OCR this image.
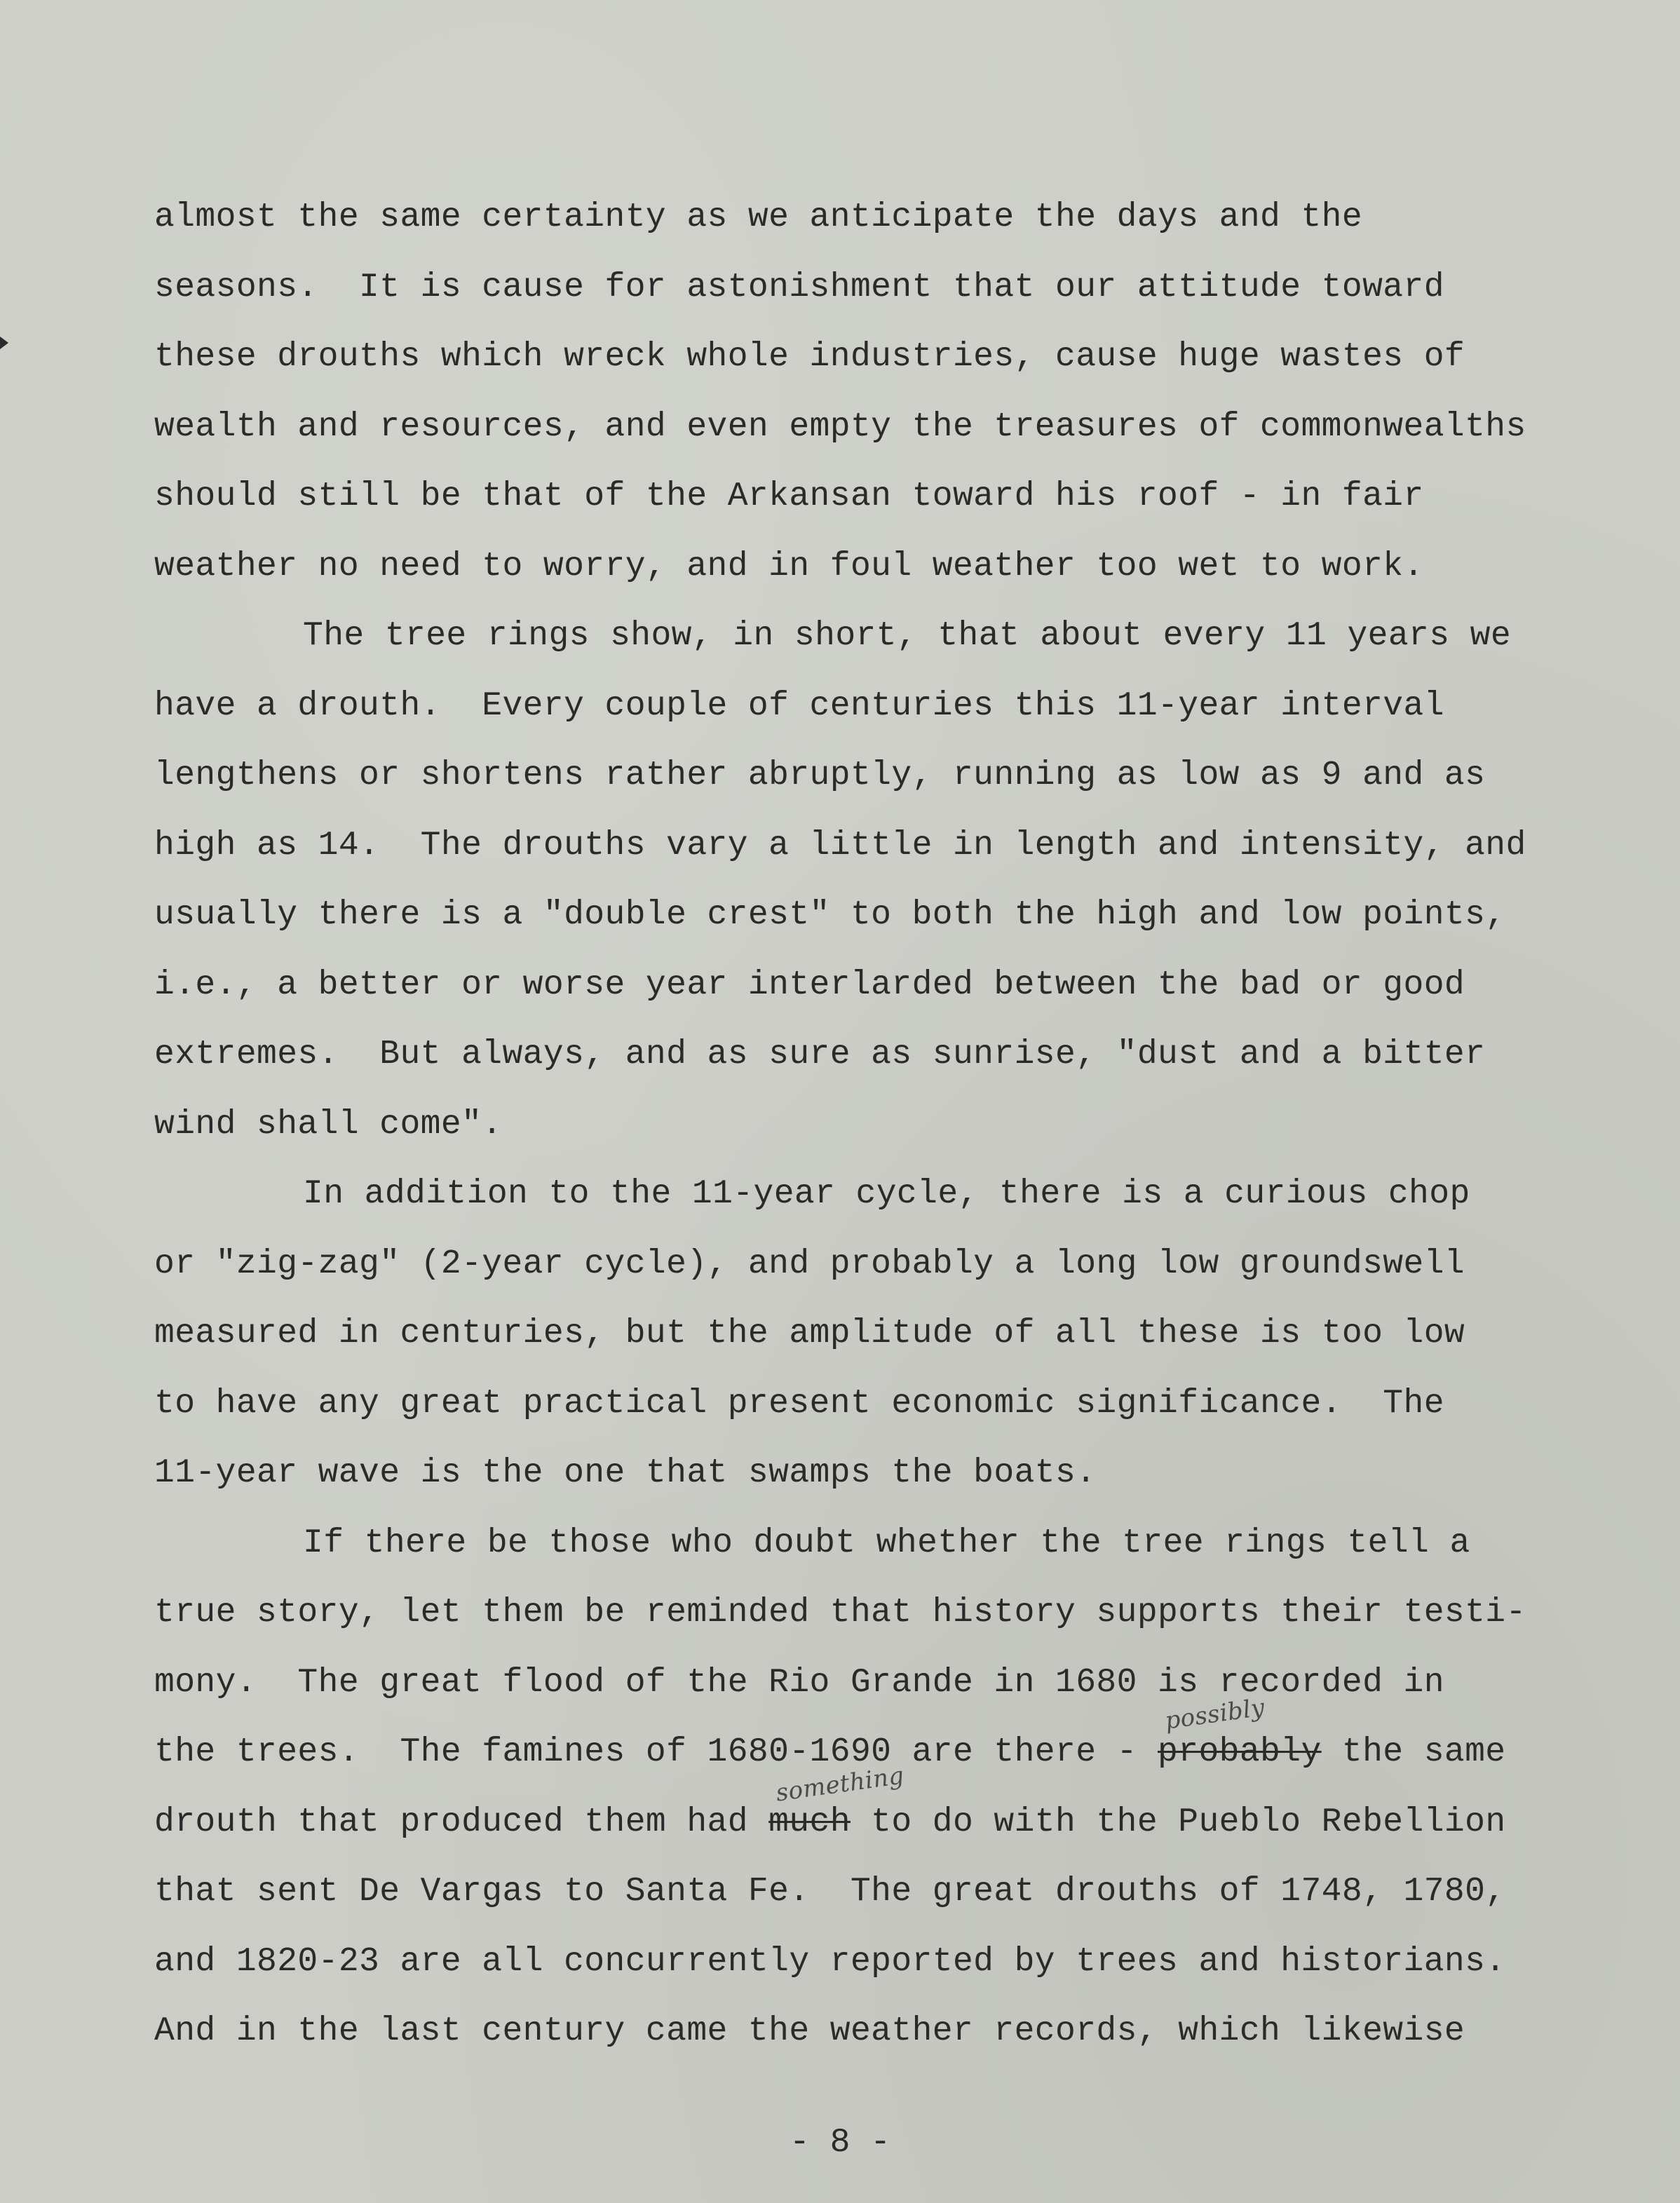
almost the same certainty as we anticipate the days and the
seasons.  It is cause for astonishment that our attitude toward
these drouths which wreck whole industries, cause huge wastes of
wealth and resources, and even empty the treasures of commonwealths
should still be that of the Arkansan toward his roof - in fair
weather no need to worry, and in foul weather too wet to work.
The tree rings show, in short, that about every 11 years we
have a drouth.  Every couple of centuries this 11-year interval
lengthens or shortens rather abruptly, running as low as 9 and as
high as 14.  The drouths vary a little in length and intensity, and
usually there is a "double crest" to both the high and low points,
i.e., a better or worse year interlarded between the bad or good
extremes.  But always, and as sure as sunrise, "dust and a bitter
wind shall come".
In addition to the 11-year cycle, there is a curious chop
or "zig-zag" (2-year cycle), and probably a long low groundswell
measured in centuries, but the amplitude of all these is too low
to have any great practical present economic significance.  The
11-year wave is the one that swamps the boats.
If there be those who doubt whether the tree rings tell a
true story, let them be reminded that history supports their testi-
mony.  The great flood of the Rio Grande in 1680 is recorded in
the trees.  The famines of 1680-1690 are there -
possibly
probably the same
drouth that produced them had
something
much to do with the Pueblo Rebellion
that sent De Vargas to Santa Fe.  The great drouths of 1748, 1780,
and 1820-23 are all concurrently reported by trees and historians.
And in the last century came the weather records, which likewise
- 8 -
